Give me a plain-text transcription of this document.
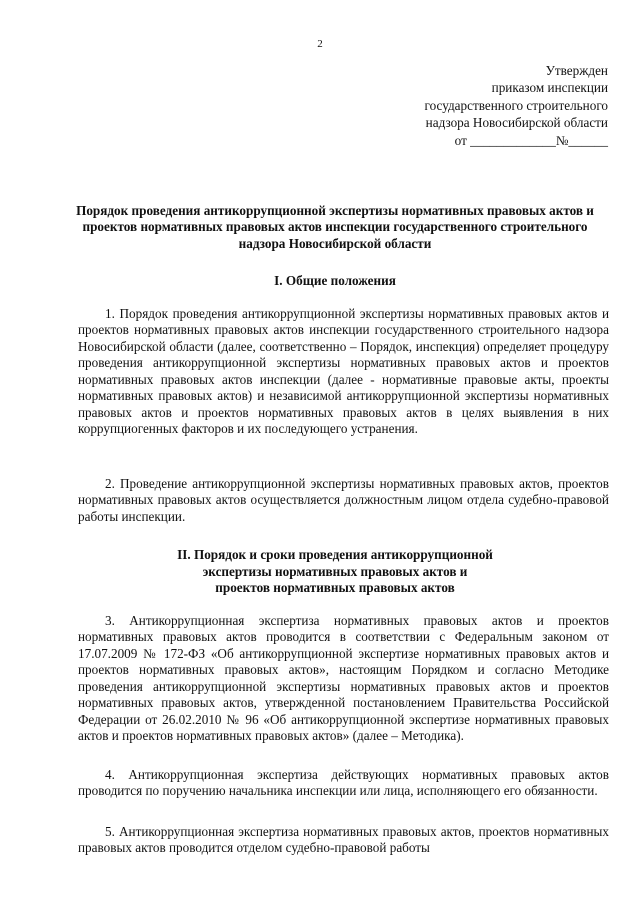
2
Утвержден
приказом инспекции
государственного строительного
надзора Новосибирской области
от _____________№______
Порядок проведения антикоррупционной экспертизы нормативных правовых актов и проектов нормативных правовых актов инспекции государственного строительного надзора Новосибирской области
I. Общие положения

1. Порядок проведения антикоррупционной экспертизы нормативных правовых актов и проектов нормативных правовых актов инспекции государственного строительного надзора Новосибирской области (далее, соответственно – Порядок, инспекция) определяет процедуру проведения антикоррупционной экспертизы нормативных правовых актов и проектов нормативных правовых актов инспекции (далее - нормативные правовые акты, проекты нормативных правовых актов) и независимой антикоррупционной экспертизы нормативных правовых актов и проектов нормативных правовых актов в целях выявления в них коррупциогенных факторов и их последующего устранения.

2. Проведение антикоррупционной экспертизы нормативных правовых актов, проектов нормативных правовых актов осуществляется должностным лицом отдела судебно-правовой работы инспекции.

II. Порядок и сроки проведения антикоррупционной
экспертизы нормативных правовых актов и
проектов нормативных правовых актов

3. Антикоррупционная экспертиза нормативных правовых актов и проектов нормативных правовых актов проводится в соответствии с Федеральным законом от 17.07.2009 № 172-ФЗ «Об антикоррупционной экспертизе нормативных правовых актов и проектов нормативных правовых актов», настоящим Порядком и согласно Методике проведения антикоррупционной экспертизы нормативных правовых актов и проектов нормативных правовых актов, утвержденной постановлением Правительства Российской Федерации от 26.02.2010 № 96 «Об антикоррупционной экспертизе нормативных правовых актов и проектов нормативных правовых актов» (далее – Методика).

4. Антикоррупционная экспертиза действующих нормативных правовых актов проводится по поручению начальника инспекции или лица, исполняющего его обязанности.

5. Антикоррупционная экспертиза нормативных правовых актов, проектов нормативных правовых актов проводится отделом судебно-правовой работы
